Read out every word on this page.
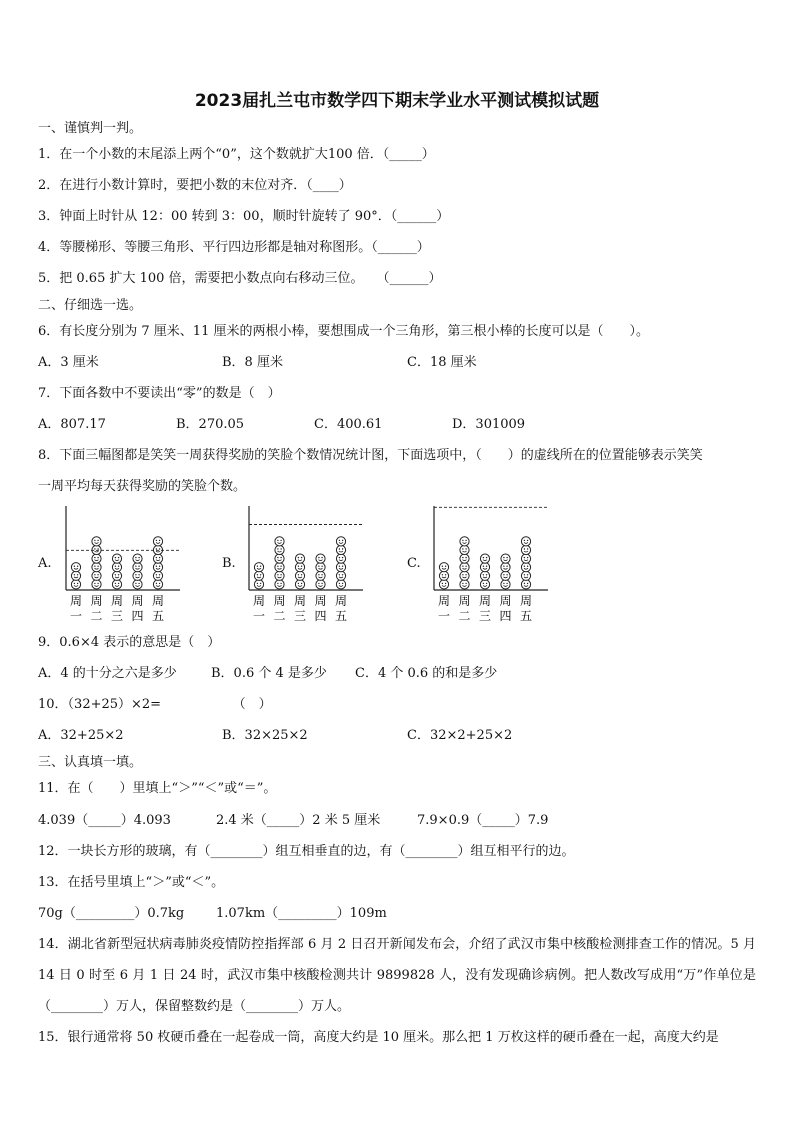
2023届扎兰屯市数学四下期末学业水平测试模拟试题
一、谨慎判一判。
1．在一个小数的末尾添上两个“0”，这个数就扩大100 倍．（_____）
2．在进行小数计算时，要把小数的末位对齐．（____）
3．钟面上时针从 12：00 转到 3：00，顺时针旋转了 90°．（______）
4．等腰梯形、等腰三角形、平行四边形都是轴对称图形。（______）
5．把 0.65 扩大 100 倍，需要把小数点向右移动三位。　　（______）
二、仔细选一选。
6．有长度分别为 7 厘米、11 厘米的两根小棒，要想围成一个三角形，第三根小棒的长度可以是（　　）。
A．3 厘米	B．8 厘米	C．18 厘米
7．下面各数中不要读出“零”的数是（　）
A．807.17	B．270.05	C．400.61	D．301009
8．下面三幅图都是笑笑一周获得奖励的笑脸个数情况统计图，下面选项中，（　　）的虚线所在的位置能够表示笑笑
一周平均每天获得奖励的笑脸个数。
A.	B.	C.
周
一
周
二
周
三
周
四
周
五
周
一
周
二
周
三
周
四
周
五
周
一
周
二
周
三
周
四
周
五
9．0.6×4 表示的意思是（　）
A．4 的十分之六是多少	B．0.6 个 4 是多少 C．4 个 0.6 的和是多少
10．（32+25）×2=　　　　　　（　）
A．32+25×2	B．32×25×2	C．32×2+25×2
三、认真填一填。
11．在（　　）里填上“＞”“＜”或“＝”。
4.039（_____）4.093	2.4 米（_____）2 米 5 厘米	7.9×0.9（_____）7.9
12．一块长方形的玻璃，有（________）组互相垂直的边，有（________）组互相平行的边。
13．在括号里填上“＞”或“＜”。
70g（_________）0.7kg 1.07km（_________）109m
14．湖北省新型冠状病毒肺炎疫情防控指挥部 6 月 2 日召开新闻发布会，介绍了武汉市集中核酸检测排查工作的情况。5 月 14 日 0 时至 6 月 1 日 24 时，武汉市集中核酸检测共计 9899828 人，没有发现确诊病例。把人数改写成用“万”作单位是（________）万人，保留整数约是（________）万人。
15．银行通常将 50 枚硬币叠在一起卷成一筒，高度大约是 10 厘米。那么把 1 万枚这样的硬币叠在一起，高度大约是
